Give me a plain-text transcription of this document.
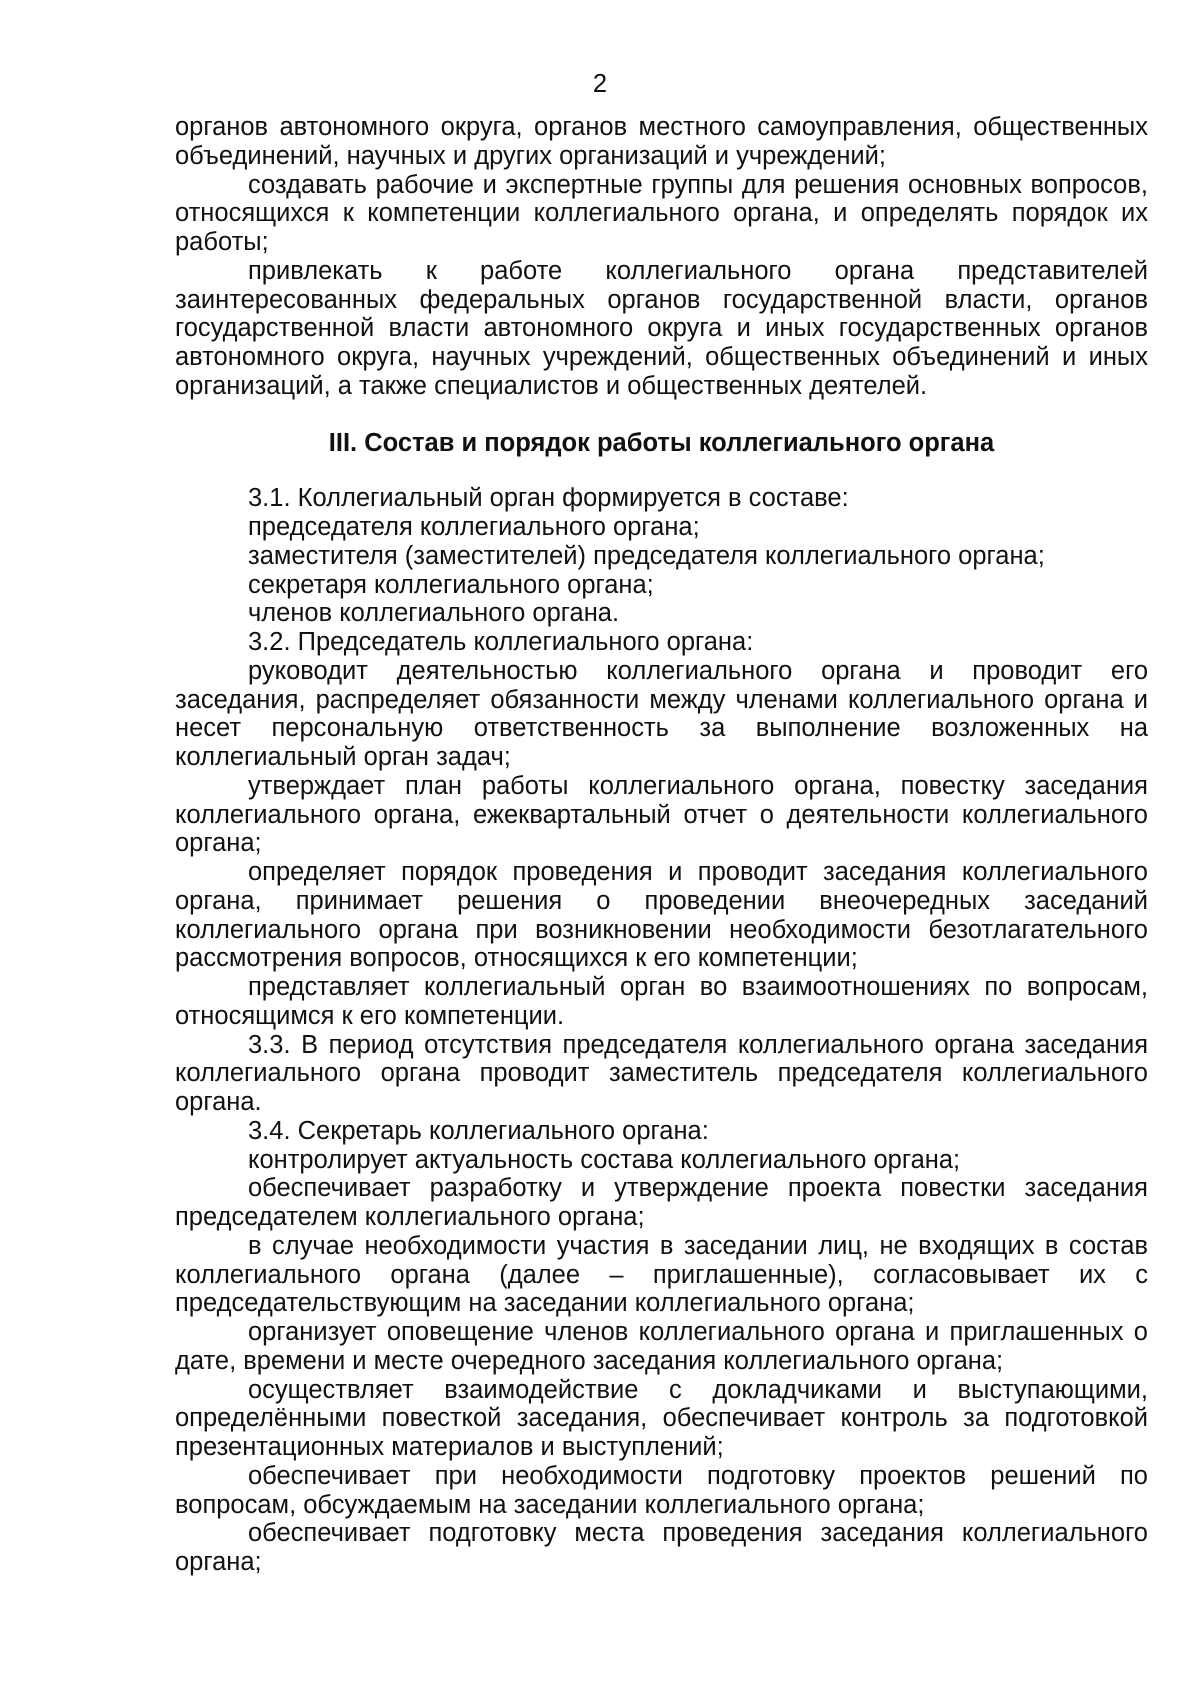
2

органов автономного округа, органов местного самоуправления, общественных объединений, научных и других организаций и учреждений;

создавать рабочие и экспертные группы для решения основных вопросов, относящихся к компетенции коллегиального органа, и определять порядок их работы;

привлекать к работе коллегиального органа представителей заинтересованных федеральных органов государственной власти, органов государственной власти автономного округа и иных государственных органов автономного округа, научных учреждений, общественных объединений и иных организаций, а также специалистов и общественных деятелей.

III. Состав и порядок работы коллегиального органа

3.1. Коллегиальный орган формируется в составе:

председателя коллегиального органа;

заместителя (заместителей) председателя коллегиального органа;

секретаря коллегиального органа;

членов коллегиального органа.

3.2. Председатель коллегиального органа:

руководит деятельностью коллегиального органа и проводит его заседания, распределяет обязанности между членами коллегиального органа и несет персональную ответственность за выполнение возложенных на коллегиальный орган задач;

утверждает план работы коллегиального органа, повестку заседания коллегиального органа, ежеквартальный отчет о деятельности коллегиального органа;

определяет порядок проведения и проводит заседания коллегиального органа, принимает решения о проведении внеочередных заседаний коллегиального органа при возникновении необходимости безотлагательного рассмотрения вопросов, относящихся к его компетенции;

представляет коллегиальный орган во взаимоотношениях по вопросам, относящимся к его компетенции.

3.3. В период отсутствия председателя коллегиального органа заседания коллегиального органа проводит заместитель председателя коллегиального органа.

3.4. Секретарь коллегиального органа:

контролирует актуальность состава коллегиального органа;

обеспечивает разработку и утверждение проекта повестки заседания председателем коллегиального органа;

в случае необходимости участия в заседании лиц, не входящих в состав коллегиального органа (далее – приглашенные), согласовывает их с председательствующим на заседании коллегиального органа;

организует оповещение членов коллегиального органа и приглашенных о дате, времени и месте очередного заседания коллегиального органа;

осуществляет взаимодействие с докладчиками и выступающими, определёнными повесткой заседания, обеспечивает контроль за подготовкой презентационных материалов и выступлений;

обеспечивает при необходимости подготовку проектов решений по вопросам, обсуждаемым на заседании коллегиального органа;

обеспечивает подготовку места проведения заседания коллегиального органа;
